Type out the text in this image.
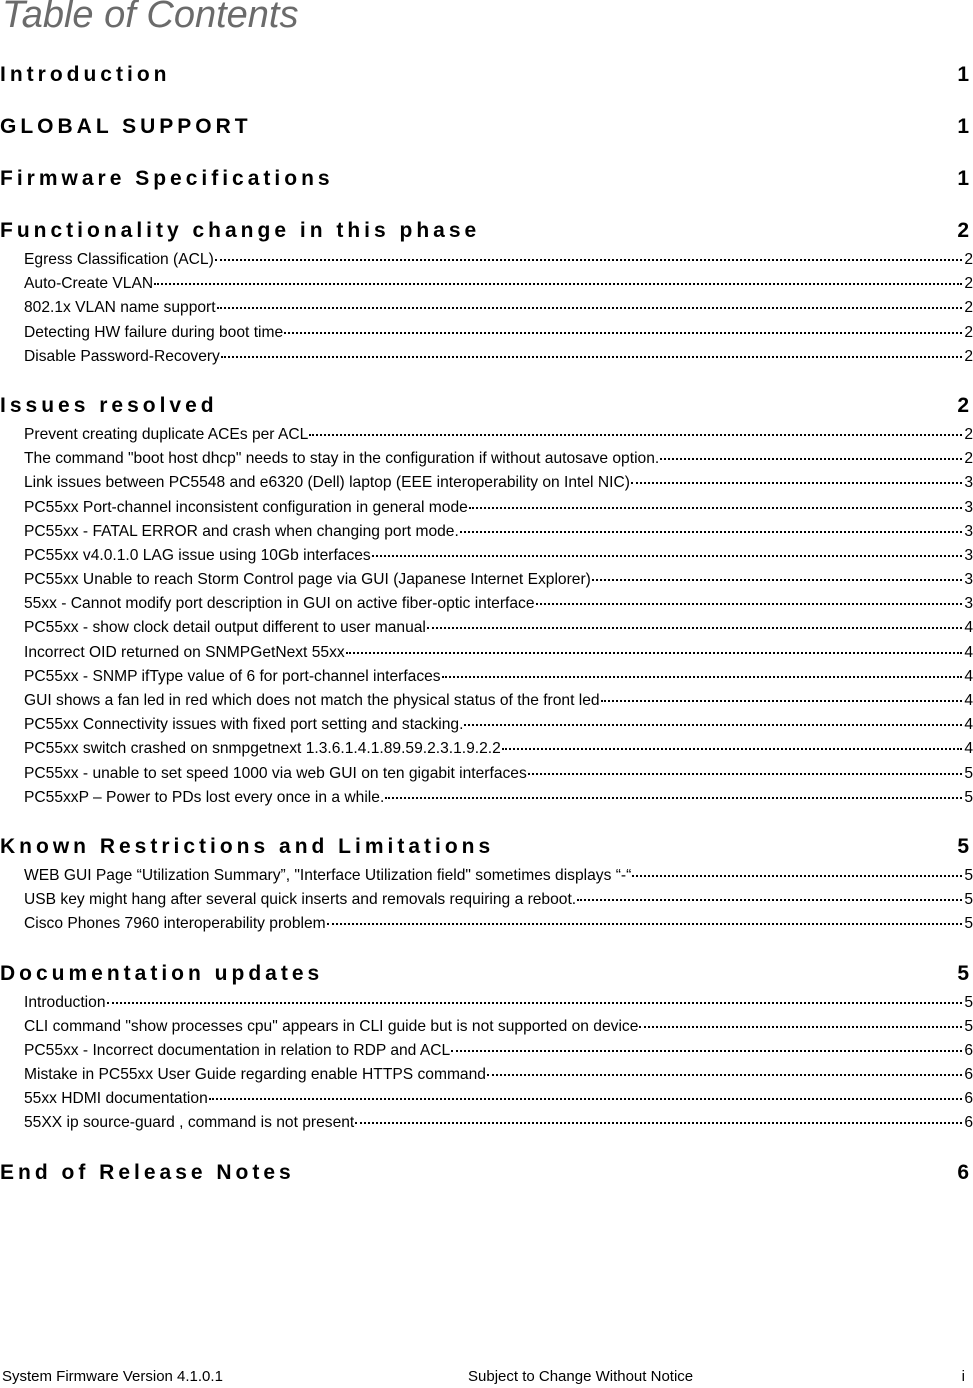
Table of Contents
Introduction	1
GLOBAL SUPPORT	1
Firmware Specifications	1
Functionality change in this phase	2
Egress Classification (ACL)	2
Auto-Create VLAN	2
802.1x VLAN name support	2
Detecting HW failure during boot time	2
Disable Password-Recovery	2
Issues resolved	2
Prevent creating duplicate ACEs per ACL	2
The command "boot host dhcp" needs to stay in the configuration if without autosave option.	2
Link issues between PC5548 and e6320 (Dell) laptop (EEE interoperability on Intel NIC)	3
PC55xx Port-channel inconsistent configuration in general mode	3
PC55xx - FATAL ERROR and crash when changing port mode.	3
PC55xx v4.0.1.0 LAG issue using 10Gb interfaces	3
PC55xx Unable to reach Storm Control page via GUI (Japanese Internet Explorer)	3
55xx - Cannot modify port description in GUI on active fiber-optic interface	3
PC55xx - show clock detail output different to user manual	4
Incorrect OID returned on SNMPGetNext 55xx	4
PC55xx - SNMP ifType value of 6 for port-channel interfaces	4
GUI shows a fan led in red which does not match the physical status of the front led	4
PC55xx Connectivity issues with fixed port setting and stacking.	4
PC55xx switch crashed on snmpgetnext 1.3.6.1.4.1.89.59.2.3.1.9.2.2	4
PC55xx - unable to set speed 1000 via web GUI on ten gigabit interfaces	5
PC55xxP – Power to PDs lost every once in a while.	5
Known Restrictions and Limitations	5
WEB GUI Page “Utilization Summary”, "Interface Utilization field" sometimes displays “-“	5
USB key might hang after several quick inserts and removals requiring a reboot.	5
Cisco Phones 7960 interoperability problem	5
Documentation updates	5
Introduction	5
CLI command "show processes cpu" appears in CLI guide but is not supported on device	5
PC55xx - Incorrect documentation in relation to RDP and ACL	6
Mistake in PC55xx User Guide regarding enable HTTPS command	6
55xx HDMI documentation	6
55XX ip source-guard , command is not present	6
End of Release Notes	6
System Firmware Version 4.1.0.1	Subject to Change Without Notice	i
